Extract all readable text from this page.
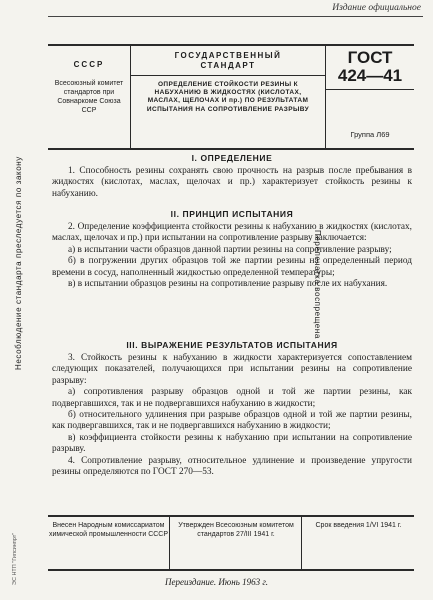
Издание официальное
СССР
Всесоюзный комитет стандартов при Совнаркоме Союза ССР
ГОСУДАРСТВЕННЫЙ
СТАНДАРТ
ОПРЕДЕЛЕНИЕ СТОЙКОСТИ РЕЗИНЫ К НАБУХАНИЮ В ЖИДКОСТЯХ (КИСЛОТАХ, МАСЛАХ, ЩЕЛОЧАХ И пр.) ПО РЕЗУЛЬТАТАМ ИСПЫТАНИЯ НА СОПРОТИВЛЕНИЕ РАЗРЫВУ
ГОСТ
424—41
Группа Л69
Несоблюдение стандарта преследуется по закону	Перепечатка воспрещена
ЭС НТП "Гипсинпрт"
I. ОПРЕДЕЛЕНИЕ

1. Способность резины сохранять свою прочность на разрыв после пребывания в жидкостях (кислотах, маслах, щелочах и пр.) характеризует стойкость резины к набуханию.

II. ПРИНЦИП ИСПЫТАНИЯ

2. Определение коэффициента стойкости резины к набуханию в жидкостях (кислотах, маслах, щелочах и пр.) при испытании на сопротивление разрыву заключается:

а) в испытании части образцов данной партии резины на сопротивление разрыву;

б) в погружении других образцов той же партии резины на определенный период времени в сосуд, наполненный жидкостью определенной температуры;

в) в испытании образцов резины на сопротивление разрыву после их набухания.

III. ВЫРАЖЕНИЕ РЕЗУЛЬТАТОВ ИСПЫТАНИЯ

3. Стойкость резины к набуханию в жидкости характеризуется сопоставлением следующих показателей, получающихся при испытании резины на сопротивление разрыву:

а) сопротивления разрыву образцов одной и той же партии резины, как подвергавшихся, так и не подвергавшихся набуханию в жидкости;

б) относительного удлинения при разрыве образцов одной и той же партии резины, как подвергавшихся, так и не подвергавшихся набуханию в жидкости;

в) коэффициента стойкости резины к набуханию при испытании на сопротивление разрыву.

4. Сопротивление разрыву, относительное удлинение и произведение упругости резины определяются по ГОСТ 270—53.

Внесен Народным комиссариатом химической промышленности СССР
Утвержден Всесоюзным комитетом стандартов 27/III 1941 г.
Срок введения 1/VI 1941 г.
Переиздание. Июнь 1963 г.
